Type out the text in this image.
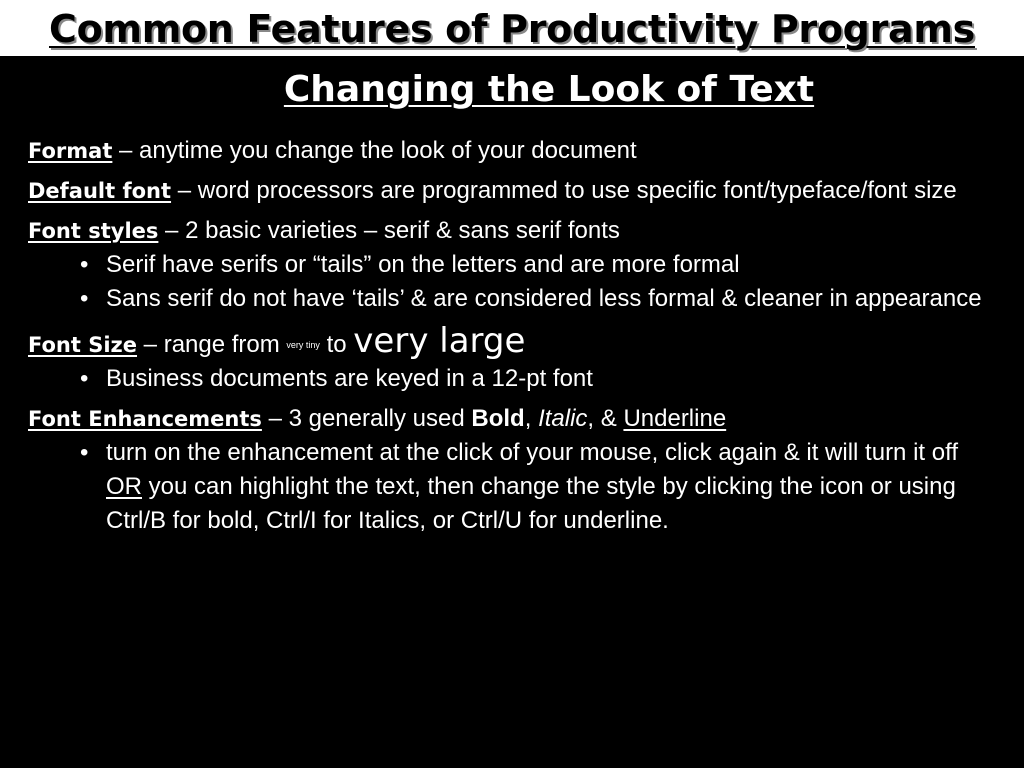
Common Features of Productivity Programs
Changing the Look of Text

Format – anytime you change the look of your document

Default font – word processors are programmed to use specific font/typeface/font size

Font styles – 2 basic varieties – serif & sans serif fonts

• Serif have serifs or “tails” on the letters and are more formal

• Sans serif do not have ‘tails’ & are considered less formal & cleaner in appearance

Font Size – range from very tiny to very large

• Business documents are keyed in a 12-pt font

Font Enhancements – 3 generally used Bold, Italic, & Underline

• turn on the enhancement at the click of your mouse, click again & it will turn it off OR you can highlight the text, then change the style by clicking the icon or using Ctrl/B for bold, Ctrl/I for Italics, or Ctrl/U for underline.
